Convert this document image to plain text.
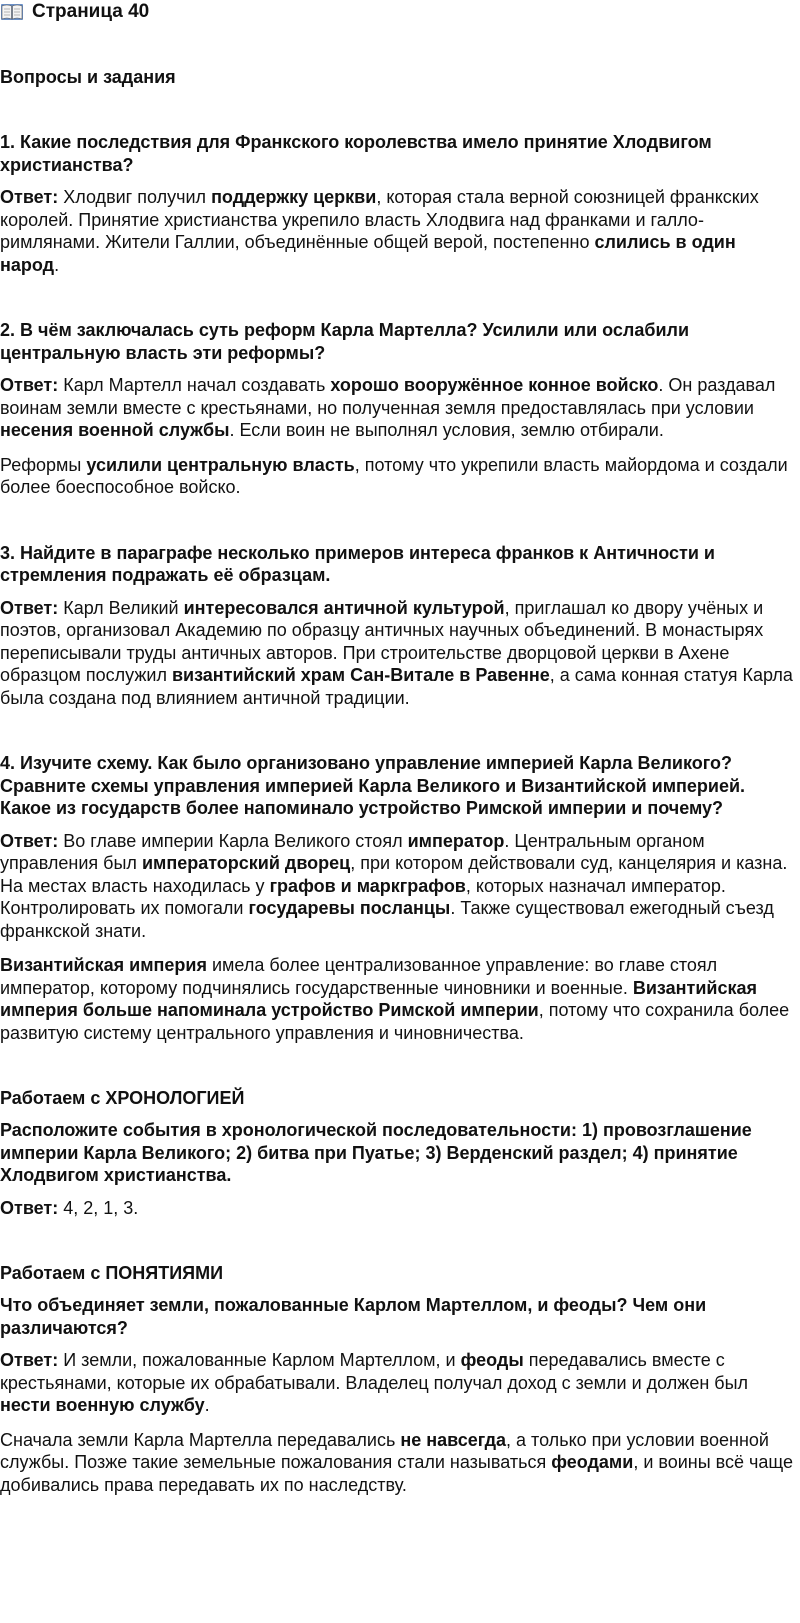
Страница 40
Вопросы и задания
1. Какие последствия для Франкского королевства имело принятие Хлодвигом христианства?
Ответ: Хлодвиг получил поддержку церкви, которая стала верной союзницей франкских королей. Принятие христианства укрепило власть Хлодвига над франками и галло-римлянами. Жители Галлии, объединённые общей верой, постепенно слились в один народ.
2. В чём заключалась суть реформ Карла Мартелла? Усилили или ослабили центральную власть эти реформы?
Ответ: Карл Мартелл начал создавать хорошо вооружённое конное войско. Он раздавал воинам земли вместе с крестьянами, но полученная земля предоставлялась при условии несения военной службы. Если воин не выполнял условия, землю отбирали.
Реформы усилили центральную власть, потому что укрепили власть майордома и создали более боеспособное войско.
3. Найдите в параграфе несколько примеров интереса франков к Античности и стремления подражать её образцам.
Ответ: Карл Великий интересовался античной культурой, приглашал ко двору учёных и поэтов, организовал Академию по образцу античных научных объединений. В монастырях переписывали труды античных авторов. При строительстве дворцовой церкви в Ахене образцом послужил византийский храм Сан-Витале в Равенне, а сама конная статуя Карла была создана под влиянием античной традиции.
4. Изучите схему. Как было организовано управление империей Карла Великого? Сравните схемы управления империей Карла Великого и Византийской империей. Какое из государств более напоминало устройство Римской империи и почему?
Ответ: Во главе империи Карла Великого стоял император. Центральным органом управления был императорский дворец, при котором действовали суд, канцелярия и казна. На местах власть находилась у графов и маркграфов, которых назначал император. Контролировать их помогали государевы посланцы. Также существовал ежегодный съезд франкской знати.
Византийская империя имела более централизованное управление: во главе стоял император, которому подчинялись государственные чиновники и военные. Византийская империя больше напоминала устройство Римской империи, потому что сохранила более развитую систему центрального управления и чиновничества.
Работаем с ХРОНОЛОГИЕЙ
Расположите события в хронологической последовательности: 1) провозглашение империи Карла Великого; 2) битва при Пуатье; 3) Верденский раздел; 4) принятие Хлодвигом христианства.
Ответ: 4, 2, 1, 3.
Работаем с ПОНЯТИЯМИ
Что объединяет земли, пожалованные Карлом Мартеллом, и феоды? Чем они различаются?
Ответ: И земли, пожалованные Карлом Мартеллом, и феоды передавались вместе с крестьянами, которые их обрабатывали. Владелец получал доход с земли и должен был нести военную службу.
Сначала земли Карла Мартелла передавались не навсегда, а только при условии военной службы. Позже такие земельные пожалования стали называться феодами, и воины всё чаще добивались права передавать их по наследству.
